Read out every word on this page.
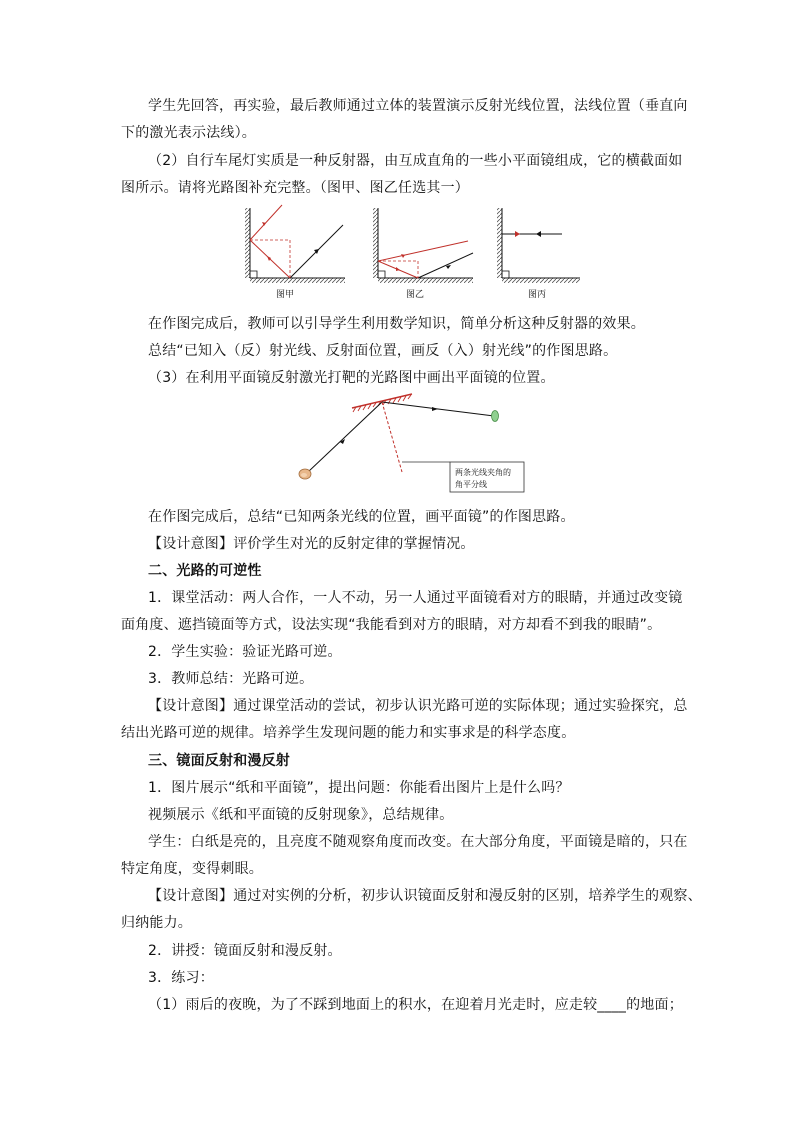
学生先回答，再实验，最后教师通过立体的装置演示反射光线位置，法线位置（垂直向
下的激光表示法线）。
（2）自行车尾灯实质是一种反射器，由互成直角的一些小平面镜组成，它的横截面如
图所示。请将光路图补充完整。（图甲、图乙任选其一）
图甲	图乙	图丙
在作图完成后，教师可以引导学生利用数学知识，简单分析这种反射器的效果。
总结“已知入（反）射光线、反射面位置，画反（入）射光线”的作图思路。
（3）在利用平面镜反射激光打靶的光路图中画出平面镜的位置。
两条光线夹角的
角平分线
在作图完成后，总结“已知两条光线的位置，画平面镜”的作图思路。
【设计意图】评价学生对光的反射定律的掌握情况。
二、光路的可逆性
1．课堂活动：两人合作，一人不动，另一人通过平面镜看对方的眼睛，并通过改变镜
面角度、遮挡镜面等方式，设法实现“我能看到对方的眼睛，对方却看不到我的眼睛”。
2．学生实验：验证光路可逆。
3．教师总结：光路可逆。
【设计意图】通过课堂活动的尝试，初步认识光路可逆的实际体现；通过实验探究，总
结出光路可逆的规律。培养学生发现问题的能力和实事求是的科学态度。
三、镜面反射和漫反射
1．图片展示“纸和平面镜”，提出问题：你能看出图片上是什么吗？
视频展示《纸和平面镜的反射现象》，总结规律。
学生：白纸是亮的，且亮度不随观察角度而改变。在大部分角度，平面镜是暗的，只在
特定角度，变得刺眼。
【设计意图】通过对实例的分析，初步认识镜面反射和漫反射的区别，培养学生的观察、
归纳能力。
2．讲授：镜面反射和漫反射。
3．练习：
（1）雨后的夜晚，为了不踩到地面上的积水，在迎着月光走时，应走较____的地面；
